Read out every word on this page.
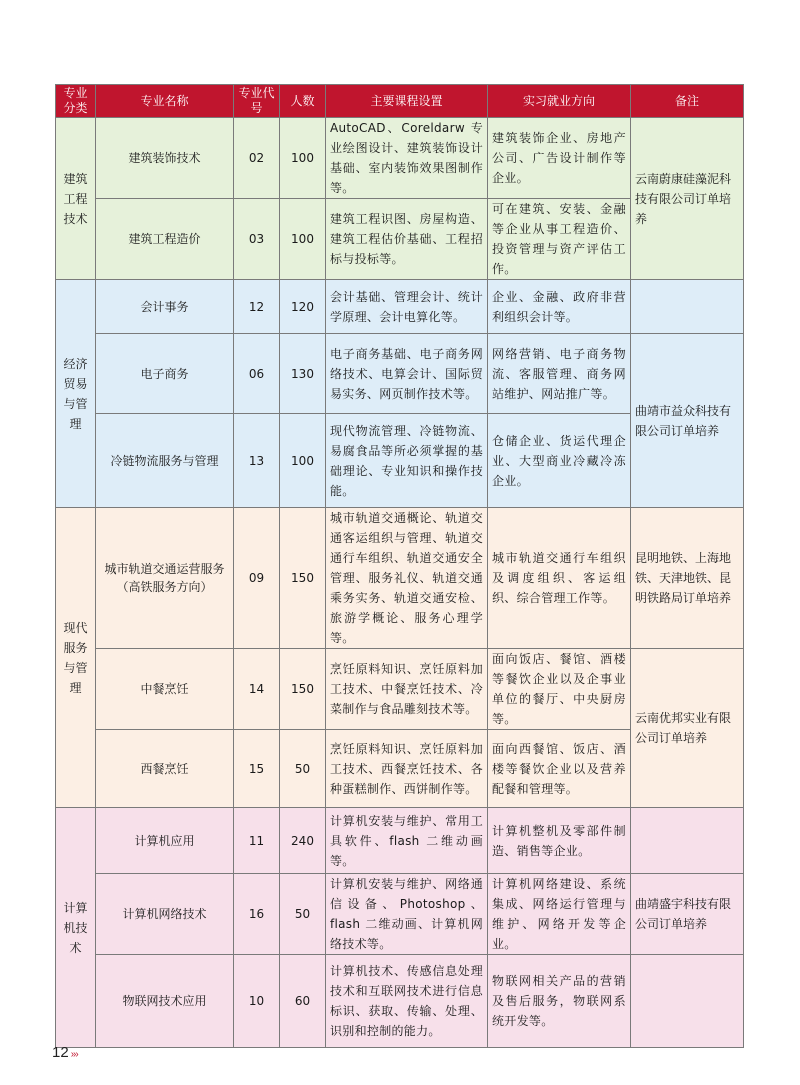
专业分类	专业名称	专业代号	人数	主要课程设置	实习就业方向	备注
建筑工程技术	建筑装饰技术	02	100	AutoCAD、Coreldarw 专业绘图设计、建筑装饰设计基础、室内装饰效果图制作等。	建筑装饰企业、房地产公司、广告设计制作等企业。	云南蔚康硅藻泥科技有限公司订单培养
	建筑工程造价	03	100	建筑工程识图、房屋构造、建筑工程估价基础、工程招标与投标等。	可在建筑、安装、金融等企业从事工程造价、投资管理与资产评估工作。	
经济贸易与管理	会计事务	12	120	会计基础、管理会计、统计学原理、会计电算化等。	企业、金融、政府非营利组织会计等。	
	电子商务	06	130	电子商务基础、电子商务网络技术、电算会计、国际贸易实务、网页制作技术等。	网络营销、电子商务物流、客服管理、商务网站维护、网站推广等。	曲靖市益众科技有限公司订单培养
	冷链物流服务与管理	13	100	现代物流管理、冷链物流、易腐食品等所必须掌握的基础理论、专业知识和操作技能。	仓储企业、货运代理企业、大型商业冷藏冷冻企业。	
现代服务与管理	城市轨道交通运营服务（高铁服务方向）	09	150	城市轨道交通概论、轨道交通客运组织与管理、轨道交通行车组织、轨道交通安全管理、服务礼仪、轨道交通乘务实务、轨道交通安检、旅游学概论、服务心理学等。	城市轨道交通行车组织及调度组织、客运组织、综合管理工作等。	昆明地铁、上海地铁、天津地铁、昆明铁路局订单培养
	中餐烹饪	14	150	烹饪原料知识、烹饪原料加工技术、中餐烹饪技术、冷菜制作与食品雕刻技术等。	面向饭店、餐馆、酒楼等餐饮企业以及企事业单位的餐厅、中央厨房等。	云南优邦实业有限公司订单培养
	西餐烹饪	15	50	烹饪原料知识、烹饪原料加工技术、西餐烹饪技术、各种蛋糕制作、西饼制作等。	面向西餐馆、饭店、酒楼等餐饮企业以及营养配餐和管理等。	
计算机技术	计算机应用	11	240	计算机安装与维护、常用工具软件、flash 二维动画等。	计算机整机及零部件制造、销售等企业。	
	计算机网络技术	16	50	计算机安装与维护、网络通信设备、Photoshop、flash 二维动画、计算机网络技术等。	计算机网络建设、系统集成、网络运行管理与维护、网络开发等企业。	曲靖盛宇科技有限公司订单培养
	物联网技术应用	10	60	计算机技术、传感信息处理技术和互联网技术进行信息标识、获取、传输、处理、识别和控制的能力。	物联网相关产品的营销及售后服务，物联网系统开发等。	
12 ›››
